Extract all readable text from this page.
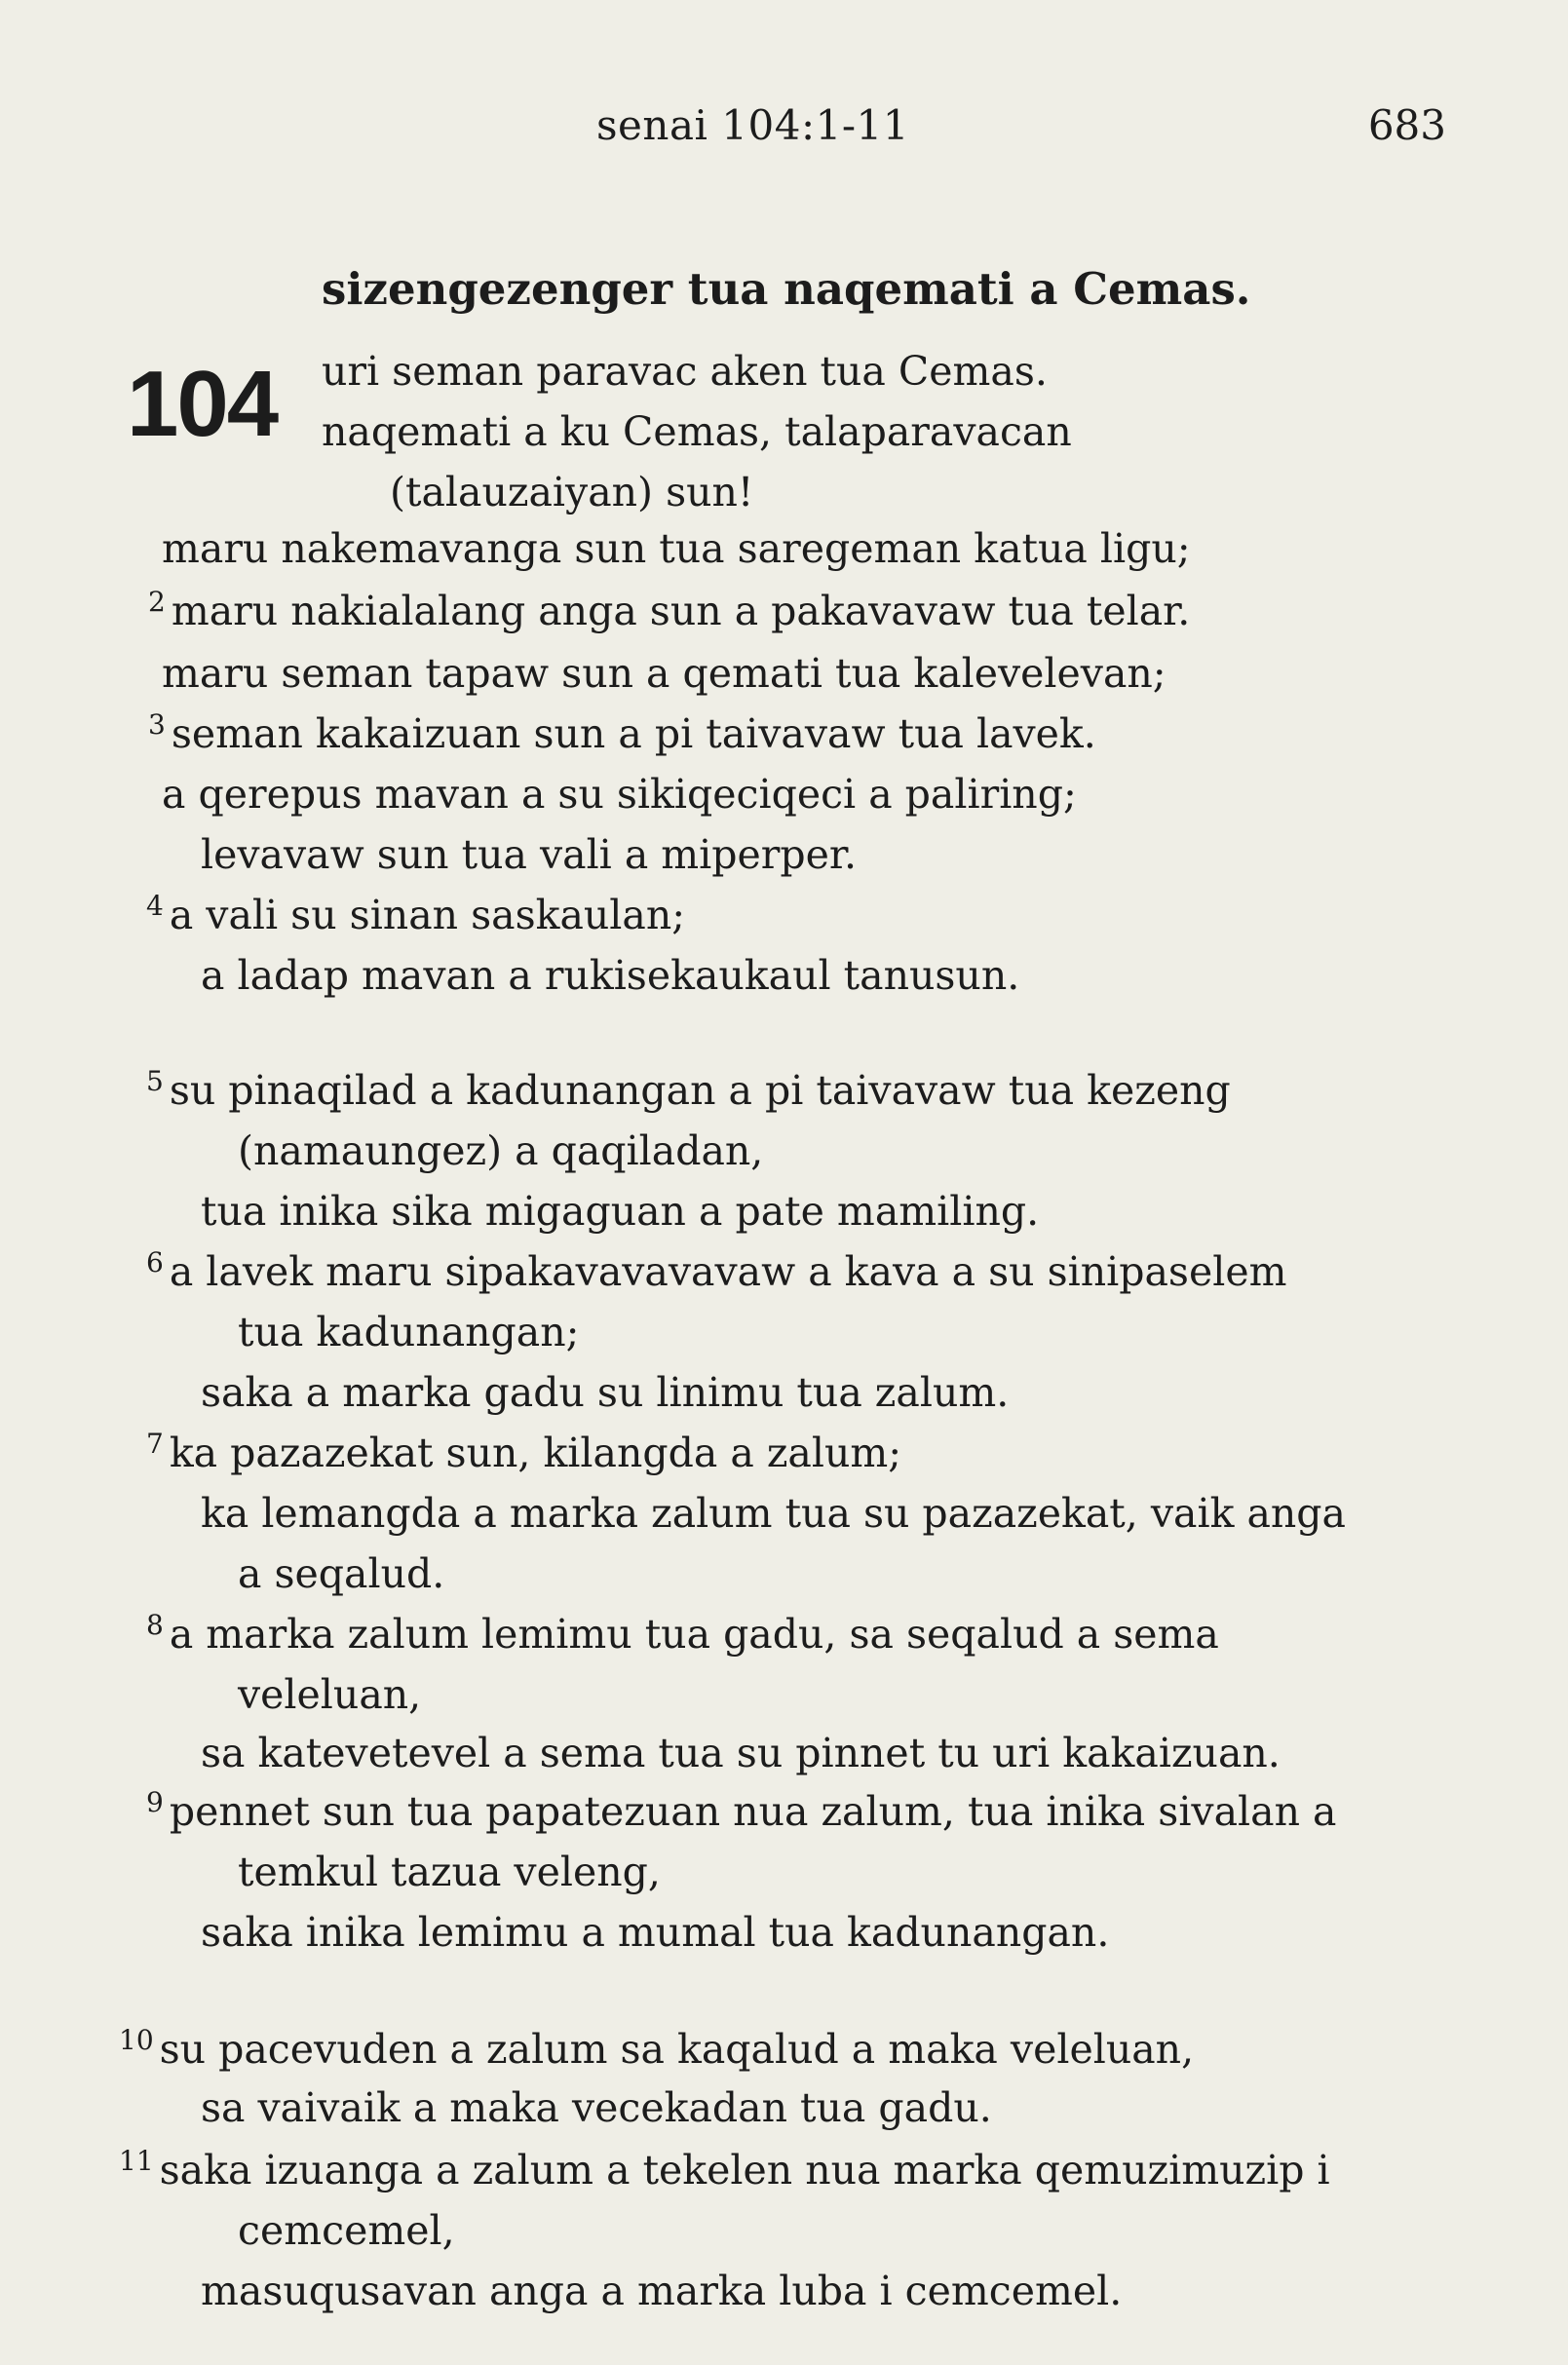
senai 104:1-11	683
sizengezenger tua naqemati a Cemas.
104 uri seman paravac aken tua Cemas.
naqemati a ku Cemas, talaparavacan
(talauzaiyan) sun!
maru nakemavanga sun tua saregeman katua ligu;
$^2$ maru nakialalang anga sun a pakavavaw tua telar.
maru seman tapaw sun a qemati tua kalevelevan;
$^3$ seman kakaizuan sun a pi taivavaw tua lavek.
a qerepus mavan a su sikiqeciqeci a paliring;
levavaw sun tua vali a miperper.
$^4$ a vali su sinan saskaulan;
a ladap mavan a rukisekaukaul tanusun.
$^5$ su pinaqilad a kadunangan a pi taivavaw tua kezeng
(namaungez) a qaqiladan,
tua inika sika migaguan a pate mamiling.
$^6$ a lavek maru sipakavavavavaw a kava a su sinipaselem
tua kadunangan;
saka a marka gadu su linimu tua zalum.
$^7$ ka pazazekat sun, kilangda a zalum;
ka lemangda a marka zalum tua su pazazekat, vaik anga
a seqalud.
$^8$ a marka zalum lemimu tua gadu, sa seqalud a sema
veleluan,
sa katevetevel a sema tua su pinnet tu uri kakaizuan.
$^9$ pennet sun tua papatezuan nua zalum, tua inika sivalan a
temkul tazua veleng,
saka inika lemimu a mumal tua kadunangan.
$^{10}$ su pacevuden a zalum sa kaqalud a maka veleluan,
sa vaivaik a maka vecekadan tua gadu.
$^{11}$ saka izuanga a zalum a tekelen nua marka qemuzimuzip i
cemcemel,
masuqusavan anga a marka luba i cemcemel.
